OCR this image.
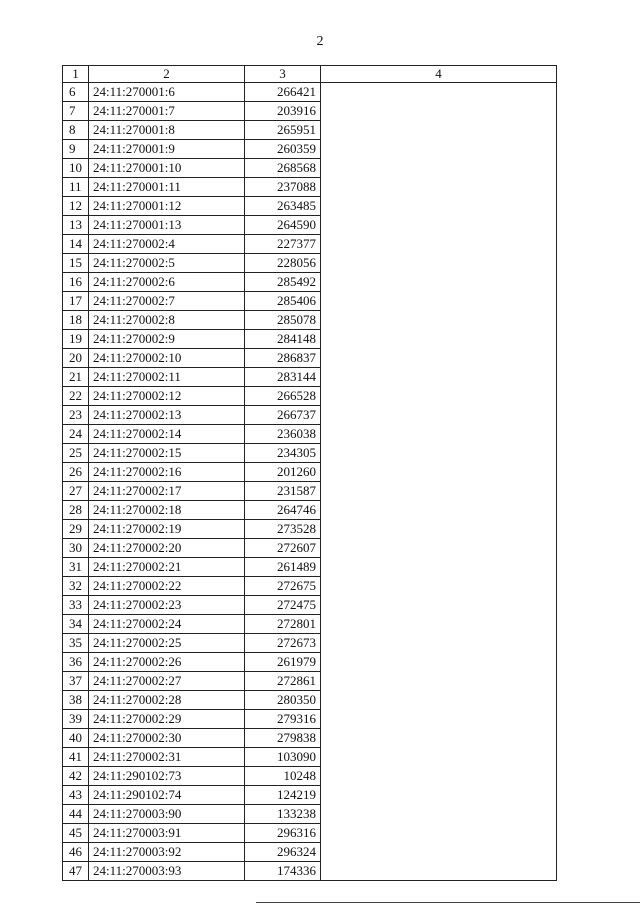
2
1	2	3	4
6	24:11:270001:6	266421	
7	24:11:270001:7	203916	
8	24:11:270001:8	265951	
9	24:11:270001:9	260359	
10	24:11:270001:10	268568	
11	24:11:270001:11	237088	
12	24:11:270001:12	263485	
13	24:11:270001:13	264590	
14	24:11:270002:4	227377	
15	24:11:270002:5	228056	
16	24:11:270002:6	285492	
17	24:11:270002:7	285406	
18	24:11:270002:8	285078	
19	24:11:270002:9	284148	
20	24:11:270002:10	286837	
21	24:11:270002:11	283144	
22	24:11:270002:12	266528	
23	24:11:270002:13	266737	
24	24:11:270002:14	236038	
25	24:11:270002:15	234305	
26	24:11:270002:16	201260	
27	24:11:270002:17	231587	
28	24:11:270002:18	264746	
29	24:11:270002:19	273528	
30	24:11:270002:20	272607	
31	24:11:270002:21	261489	
32	24:11:270002:22	272675	
33	24:11:270002:23	272475	
34	24:11:270002:24	272801	
35	24:11:270002:25	272673	
36	24:11:270002:26	261979	
37	24:11:270002:27	272861	
38	24:11:270002:28	280350	
39	24:11:270002:29	279316	
40	24:11:270002:30	279838	
41	24:11:270002:31	103090	
42	24:11:290102:73	10248	
43	24:11:290102:74	124219	
44	24:11:270003:90	133238	
45	24:11:270003:91	296316	
46	24:11:270003:92	296324	
47	24:11:270003:93	174336	
